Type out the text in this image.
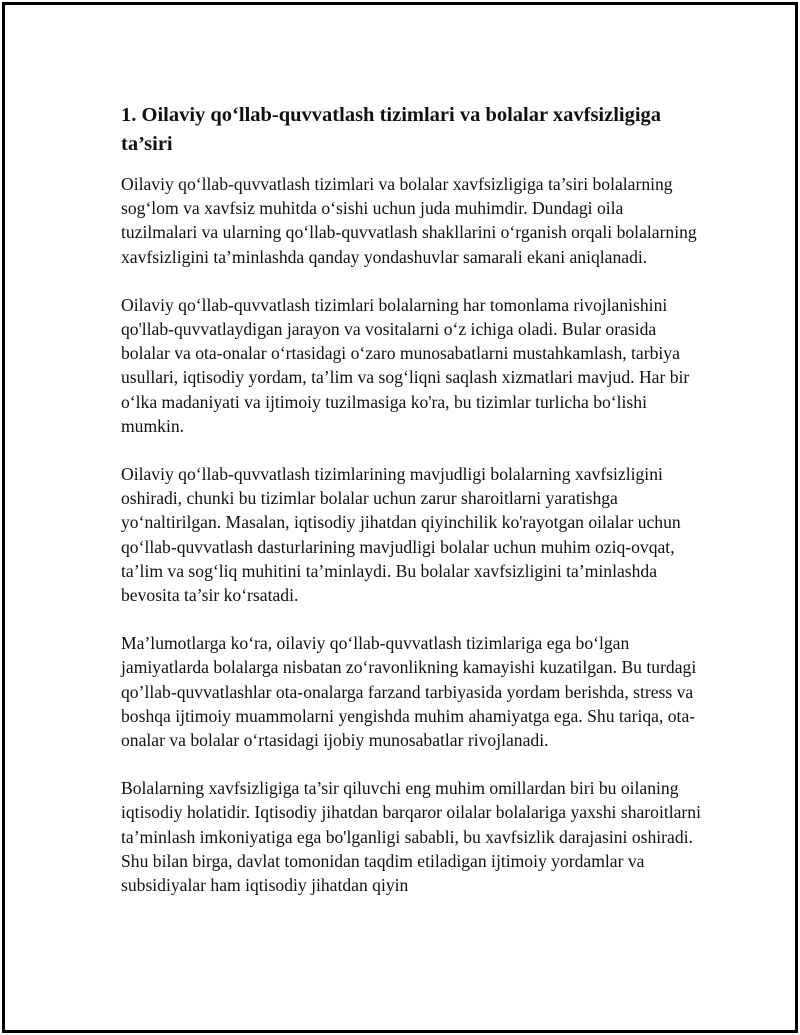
1. Oilaviy qo‘llab-quvvatlash tizimlari va bolalar xavfsizligiga ta’siri

Oilaviy qo‘llab-quvvatlash tizimlari va bolalar xavfsizligiga ta’siri bolalarning sog‘lom va xavfsiz muhitda o‘sishi uchun juda muhimdir. Dundagi oila tuzilmalari va ularning qo‘llab-quvvatlash shakllarini o‘rganish orqali bolalarning xavfsizligini ta’minlashda qanday yondashuvlar samarali ekani aniqlanadi.

Oilaviy qo‘llab-quvvatlash tizimlari bolalarning har tomonlama rivojlanishini qo'llab-quvvatlaydigan jarayon va vositalarni o‘z ichiga oladi. Bular orasida bolalar va ota-onalar o‘rtasidagi o‘zaro munosabatlarni mustahkamlash, tarbiya usullari, iqtisodiy yordam, ta’lim va sog‘liqni saqlash xizmatlari mavjud. Har bir o‘lka madaniyati va ijtimoiy tuzilmasiga ko'ra, bu tizimlar turlicha bo‘lishi mumkin.

Oilaviy qo‘llab-quvvatlash tizimlarining mavjudligi bolalarning xavfsizligini oshiradi, chunki bu tizimlar bolalar uchun zarur sharoitlarni yaratishga yo‘naltirilgan. Masalan, iqtisodiy jihatdan qiyinchilik ko'rayotgan oilalar uchun qo‘llab-quvvatlash dasturlarining mavjudligi bolalar uchun muhim oziq-ovqat, ta’lim va sog‘liq muhitini ta’minlaydi. Bu bolalar xavfsizligini ta’minlashda bevosita ta’sir ko‘rsatadi.

Ma’lumotlarga ko‘ra, oilaviy qo‘llab-quvvatlash tizimlariga ega bo‘lgan jamiyatlarda bolalarga nisbatan zo‘ravonlikning kamayishi kuzatilgan. Bu turdagi qo’llab-quvvatlashlar ota-onalarga farzand tarbiyasida yordam berishda, stress va boshqa ijtimoiy muammolarni yengishda muhim ahamiyatga ega. Shu tariqa, ota-onalar va bolalar o‘rtasidagi ijobiy munosabatlar rivojlanadi.

Bolalarning xavfsizligiga ta’sir qiluvchi eng muhim omillardan biri bu oilaning iqtisodiy holatidir. Iqtisodiy jihatdan barqaror oilalar bolalariga yaxshi sharoitlarni ta’minlash imkoniyatiga ega bo'lganligi sababli, bu xavfsizlik darajasini oshiradi. Shu bilan birga, davlat tomonidan taqdim etiladigan ijtimoiy yordamlar va subsidiyalar ham iqtisodiy jihatdan qiyin
